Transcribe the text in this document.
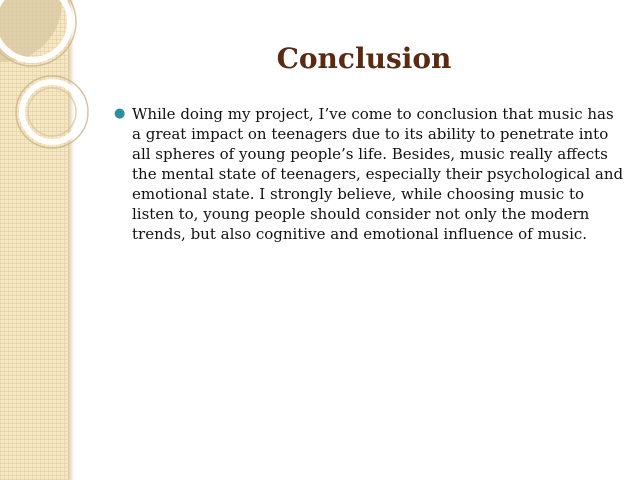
Conclusion
● While doing my project, I’ve come to conclusion that music has a great impact on teenagers due to its ability to penetrate into all spheres of young people’s life. Besides, music really affects the mental state of teenagers, especially their psychological and emotional state. I strongly believe, while choosing music to listen to, young people should consider not only the modern trends, but also cognitive and emotional influence of music.
